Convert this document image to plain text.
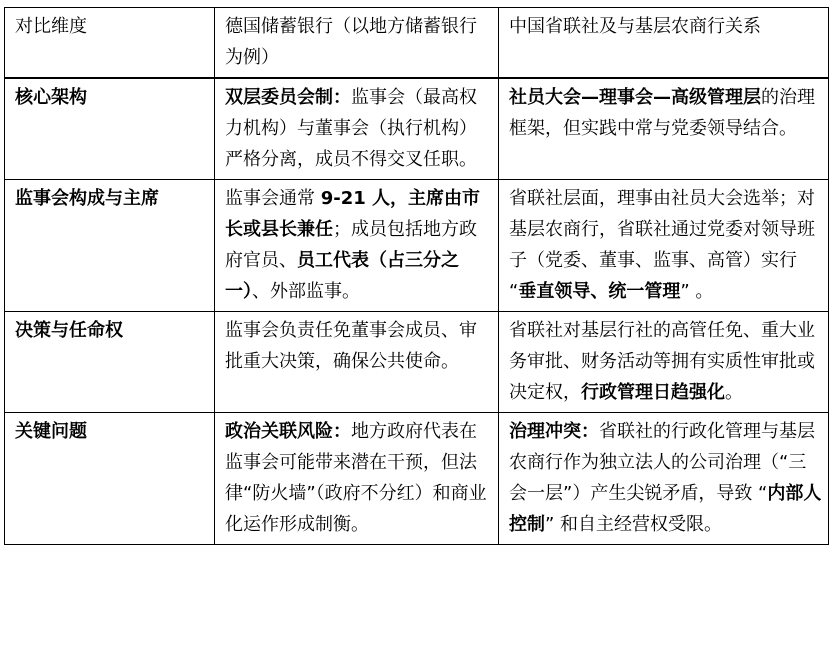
对比维度	德国储蓄银行（以地方储蓄银行为例）	中国省联社及与基层农商行关系
核心架构	双层委员会制：监事会（最高权力机构）与董事会（执行机构）严格分离，成员不得交叉任职。	社员大会—理事会—高级管理层的治理框架，但实践中常与党委领导结合。
监事会构成与主席	监事会通常 9-21 人，主席由市长或县长兼任；成员包括地方政府官员、员工代表（占三分之一）、外部监事。	省联社层面，理事由社员大会选举；对基层农商行，省联社通过党委对领导班子（党委、董事、监事、高管）实行 “垂直领导、统一管理” 。
决策与任命权	监事会负责任免董事会成员、审批重大决策，确保公共使命。	省联社对基层行社的高管任免、重大业务审批、财务活动等拥有实质性审批或决定权，行政管理日趋强化。
关键问题	政治关联风险：地方政府代表在监事会可能带来潜在干预，但法律“防火墙”（政府不分红）和商业化运作形成制衡。	治理冲突：省联社的行政化管理与基层农商行作为独立法人的公司治理（“三会一层”）产生尖锐矛盾，导致 “内部人控制” 和自主经营权受限。
